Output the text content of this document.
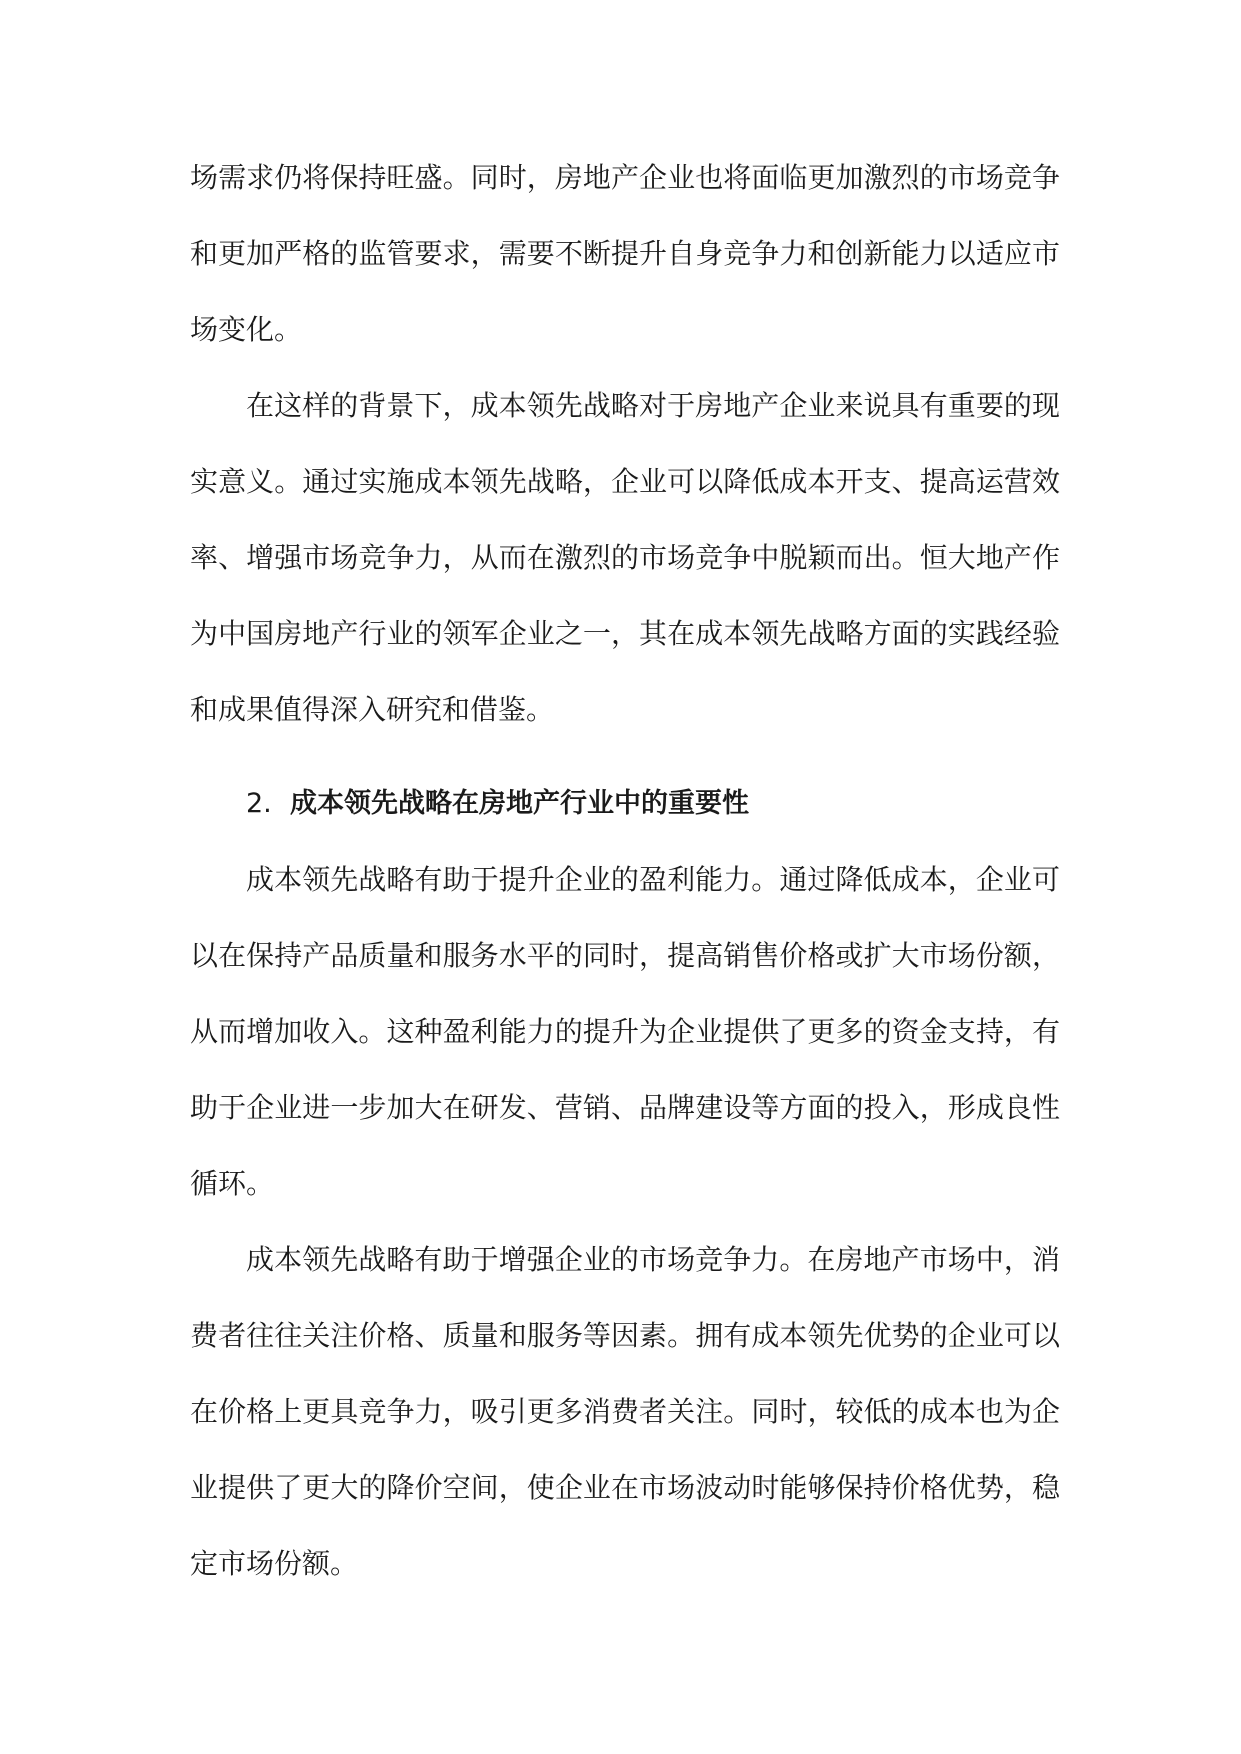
场需求仍将保持旺盛。同时，房地产企业也将面临更加激烈的市场竞争和更加严格的监管要求，需要不断提升自身竞争力和创新能力以适应市场变化。

在这样的背景下，成本领先战略对于房地产企业来说具有重要的现实意义。通过实施成本领先战略，企业可以降低成本开支、提高运营效率、增强市场竞争力，从而在激烈的市场竞争中脱颖而出。恒大地产作为中国房地产行业的领军企业之一，其在成本领先战略方面的实践经验和成果值得深入研究和借鉴。

2. 成本领先战略在房地产行业中的重要性

成本领先战略有助于提升企业的盈利能力。通过降低成本，企业可以在保持产品质量和服务水平的同时，提高销售价格或扩大市场份额，从而增加收入。这种盈利能力的提升为企业提供了更多的资金支持，有助于企业进一步加大在研发、营销、品牌建设等方面的投入，形成良性循环。

成本领先战略有助于增强企业的市场竞争力。在房地产市场中，消费者往往关注价格、质量和服务等因素。拥有成本领先优势的企业可以在价格上更具竞争力，吸引更多消费者关注。同时，较低的成本也为企业提供了更大的降价空间，使企业在市场波动时能够保持价格优势，稳定市场份额。
